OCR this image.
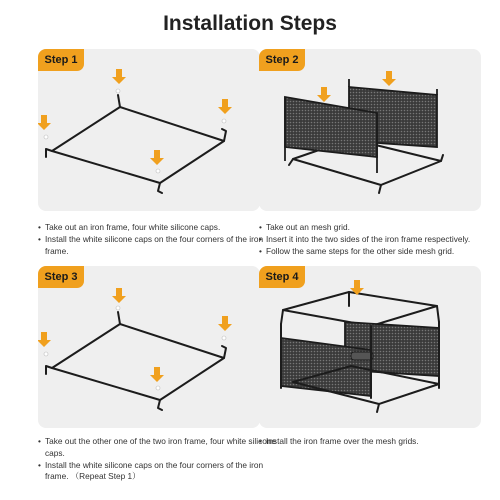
Installation Steps
Step 1
• Take out an iron frame, four white silicone caps.
• Install the white silicone caps on the four corners of the iron frame.
Step 2
• Take out an mesh grid.
• Insert it into the two sides of the iron frame respectively.
• Follow the same steps for the other side mesh grid.
Step 3
• Take out the other one of the two iron frame, four white silicone caps.
• Install the white silicone caps on the four corners of the iron frame. （Repeat Step 1）
Step 4
• Install the iron frame over the mesh grids.
